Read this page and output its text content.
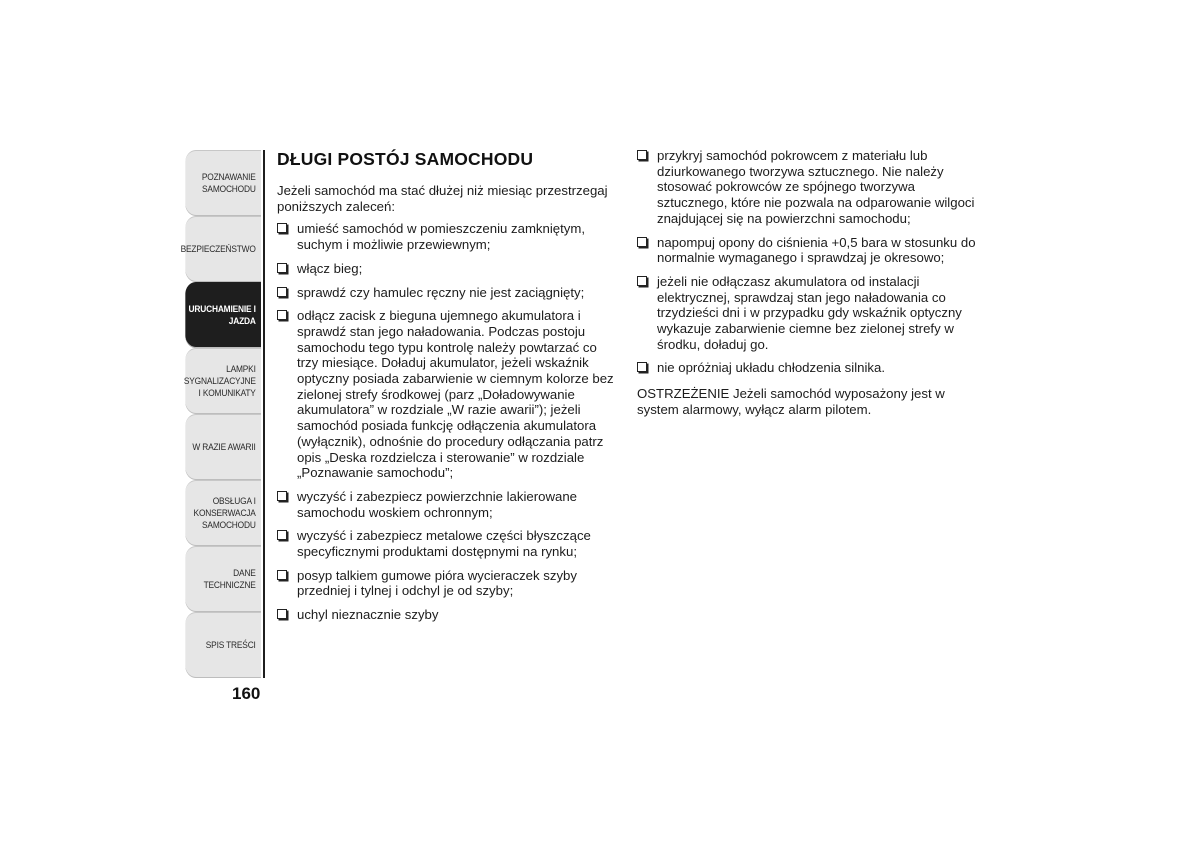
POZNAWANIE SAMOCHODU
BEZPIECZEŃSTWO
URUCHAMIENIE I JAZDA
LAMPKI SYGNALIZACYJNE I KOMUNIKATY
W RAZIE AWARII
OBSŁUGA I KONSERWACJA SAMOCHODU
DANE TECHNICZNE
SPIS TREŚCI
160
DŁUGI POSTÓJ SAMOCHODU

Jeżeli samochód ma stać dłużej niż miesiąc przestrzegaj poniższych zaleceń:

umieść samochód w pomieszczeniu zamkniętym, suchym i możliwie przewiewnym;
włącz bieg;
sprawdź czy hamulec ręczny nie jest zaciągnięty;
odłącz zacisk z bieguna ujemnego akumulatora i sprawdź stan jego naładowania. Podczas postoju samochodu tego typu kontrolę należy powtarzać co trzy miesiące. Doładuj akumulator, jeżeli wskaźnik optyczny posiada zabarwienie w ciemnym kolorze bez zielonej strefy środkowej (parz „Doładowywanie akumulatora” w rozdziale „W razie awarii”); jeżeli samochód posiada funkcję odłączenia akumulatora (wyłącznik), odnośnie do procedury odłączania patrz opis „Deska rozdzielcza i sterowanie” w rozdziale „Poznawanie samochodu”;
wyczyść i zabezpiecz powierzchnie lakierowane samochodu woskiem ochronnym;
wyczyść i zabezpiecz metalowe części błyszczące specyficznymi produktami dostępnymi na rynku;
posyp talkiem gumowe pióra wycieraczek szyby przedniej i tylnej i odchyl je od szyby;
uchyl nieznacznie szyby
przykryj samochód pokrowcem z materiału lub dziurkowanego tworzywa sztucznego. Nie należy stosować pokrowców ze spójnego tworzywa sztucznego, które nie pozwala na odparowanie wilgoci znajdującej się na powierzchni samochodu;
napompuj opony do ciśnienia +0,5 bara w stosunku do normalnie wymaganego i sprawdzaj je okresowo;
jeżeli nie odłączasz akumulatora od instalacji elektrycznej, sprawdzaj stan jego naładowania co trzydzieści dni i w przypadku gdy wskaźnik optyczny wykazuje zabarwienie ciemne bez zielonej strefy w środku, doładuj go.
nie opróżniaj układu chłodzenia silnika.

OSTRZEŻENIE Jeżeli samochód wyposażony jest w system alarmowy, wyłącz alarm pilotem.
